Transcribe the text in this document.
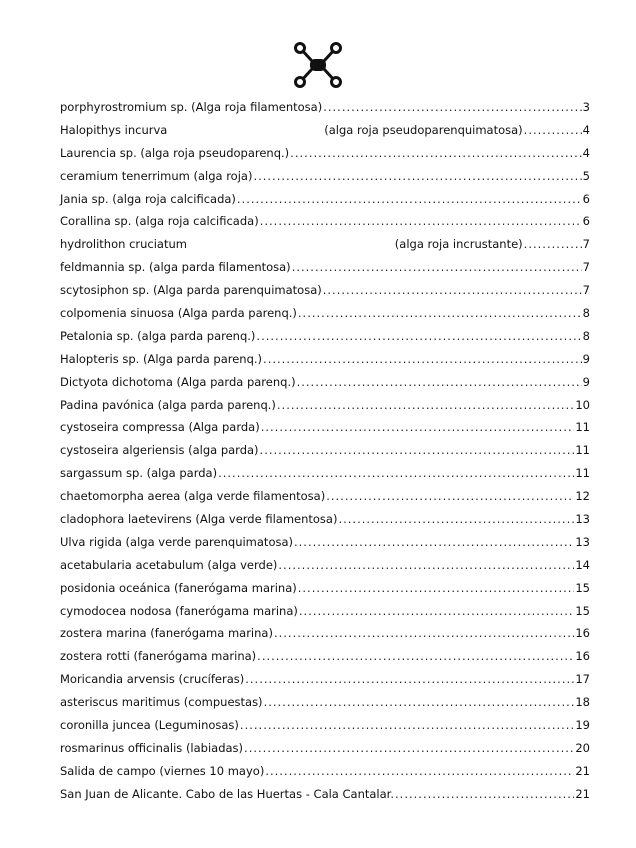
porphyrostromium sp. (Alga roja filamentosa) .....	3
Halopithys incurva	(alga roja pseudoparenquimatosa) .....	4
Laurencia sp. (alga roja pseudoparenq.) .....	4
ceramium tenerrimum (alga roja) .....	5
Jania sp. (alga roja calcificada) .....	6
Corallina sp. (alga roja calcificada) .....	6
hydrolithon cruciatum	(alga roja incrustante) .....	7
feldmannia sp. (alga parda filamentosa) .....	7
scytosiphon sp. (Alga parda parenquimatosa) .....	7
colpomenia sinuosa (Alga parda parenq.) .....	8
Petalonia sp. (alga parda parenq.) .....	8
Halopteris sp. (Alga parda parenq.) .....	9
Dictyota dichotoma (Alga parda parenq.) .....	9
Padina pavónica (alga parda parenq.) .....	10
cystoseira compressa (Alga parda) .....	11
cystoseira algeriensis (alga parda) .....	11
sargassum sp. (alga parda) .....	11
chaetomorpha aerea (alga verde filamentosa) .....	12
cladophora laetevirens (Alga verde filamentosa) .....	13
Ulva rigida (alga verde parenquimatosa) .....	13
acetabularia acetabulum (alga verde) .....	14
posidonia oceánica (fanerógama marina) .....	15
cymodocea nodosa (fanerógama marina) .....	15
zostera marina (fanerógama marina) .....	16
zostera rotti (fanerógama marina) .....	16
Moricandia arvensis (crucíferas) .....	17
asteriscus maritimus (compuestas) .....	18
coronilla juncea (Leguminosas) .....	19
rosmarinus officinalis (labiadas) .....	20
Salida de campo (viernes 10 mayo) .....	21
San Juan de Alicante. Cabo de las Huertas - Cala Cantalar. .....	21
